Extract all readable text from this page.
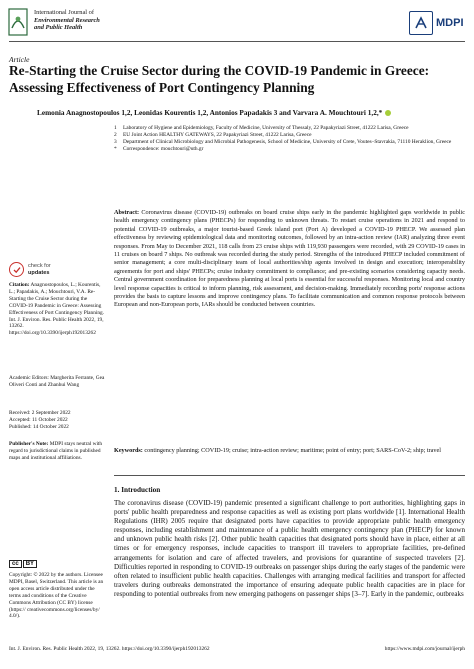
International Journal of
Environmental Research
and Public Health	MDPI
Article
Re-Starting the Cruise Sector during the COVID-19 Pandemic in Greece: Assessing Effectiveness of Port Contingency Planning
Lemonia Anagnostopoulos 1,2, Leonidas Kourentis 1,2, Antonios Papadakis 3 and Varvara A. Mouchtouri 1,2,*
1	Laboratory of Hygiene and Epidemiology, Faculty of Medicine, University of Thessaly, 22 Papakyriazi Street, 41222 Larisa, Greece
2	EU Joint Action HEALTHY GATEWAYS, 22 Papakyriazi Street, 41222 Larisa, Greece
3	Department of Clinical Microbiology and Microbial Pathogenesis, School of Medicine, University of Crete, Voutes–Stavrakia, 71110 Heraklion, Greece
*	Correspondence: mouchtouri@uth.gr
Abstract: Coronavirus disease (COVID-19) outbreaks on board cruise ships early in the pandemic highlighted gaps worldwide in public health emergency contingency plans (PHECPs) for responding to unknown threats. To restart cruise operations in 2021 and respond to potential COVID-19 outbreaks, a major tourist-based Greek island port (Port A) developed a COVID-19 PHECP. We assessed plan effectiveness by reviewing epidemiological data and monitoring outcomes, followed by an intra-action review (IAR) analyzing three event responses. From May to December 2021, 118 calls from 23 cruise ships with 119,930 passengers were recorded, with 29 COVID-19 cases in 11 cruises on board 7 ships. No outbreak was recorded during the study period. Strengths of the introduced PHECP included commitment of senior management; a core multi-disciplinary team of local authorities/ship agents involved in design and execution; interoperability agreements for port and ships' PHECPs; cruise industry commitment to compliance; and pre-existing scenarios considering capacity needs. Central government coordination for preparedness planning at local ports is essential for successful responses. Monitoring local and country level response capacities is critical to inform planning, risk assessment, and decision-making. Immediately recording ports' response actions provides the basis to capture lessons and improve contingency plans. To facilitate communication and common response protocols between European and non-European ports, IARs should be conducted between countries.
Keywords: contingency planning; COVID-19; cruise; intra-action review; maritime; point of entry; port; SARS-CoV-2; ship; travel
1. Introduction
The coronavirus disease (COVID-19) pandemic presented a significant challenge to port authorities, highlighting gaps in ports' public health preparedness and response capacities as well as existing port plans worldwide [1]. International Health Regulations (IHR) 2005 require that designated ports have capacities to provide appropriate public health emergency responses, including establishment and maintenance of a public health emergency contingency plan (PHECP) for known and unknown public health risks [2]. Other public health capacities that designated ports should have in place, either at all times or for emergency responses, include capacities to transport ill travelers to appropriate facilities, pre-defined arrangements for isolation and care of affected travelers, and provisions for quarantine of suspected travelers [2]. Difficulties reported in responding to COVID-19 outbreaks on passenger ships during the early stages of the pandemic were often related to insufficient public health capacities. Challenges with arranging medical facilities and transport for affected travelers during outbreaks demonstrated the importance of ensuring adequate public health capacities are in place for responding to potential outbreaks from new emerging pathogens on passenger ships [3–7]. Early in the pandemic, outbreaks
check for
updates
Citation: Anagnostopoulos, L.; Kourentis, L.; Papadakis, A.; Mouchtouri, V.A. Re-Starting the Cruise Sector during the COVID-19 Pandemic in Greece: Assessing Effectiveness of Port Contingency Planning. Int. J. Environ. Res. Public Health 2022, 19, 13262. https://doi.org/10.3390/ijerph192013262
Academic Editors: Margherita Ferrante, Gea Oliveri Conti and Zhanhui Wang
Received: 2 September 2022
Accepted: 11 October 2022
Published: 14 October 2022
Publisher's Note: MDPI stays neutral with regard to jurisdictional claims in published maps and institutional affiliations.
cc	BY
Copyright: © 2022 by the authors. Licensee MDPI, Basel, Switzerland. This article is an open access article distributed under the terms and conditions of the Creative Commons Attribution (CC BY) license (https:// creativecommons.org/licenses/by/ 4.0/).
Int. J. Environ. Res. Public Health 2022, 19, 13262. https://doi.org/10.3390/ijerph192013262	https://www.mdpi.com/journal/ijerph
